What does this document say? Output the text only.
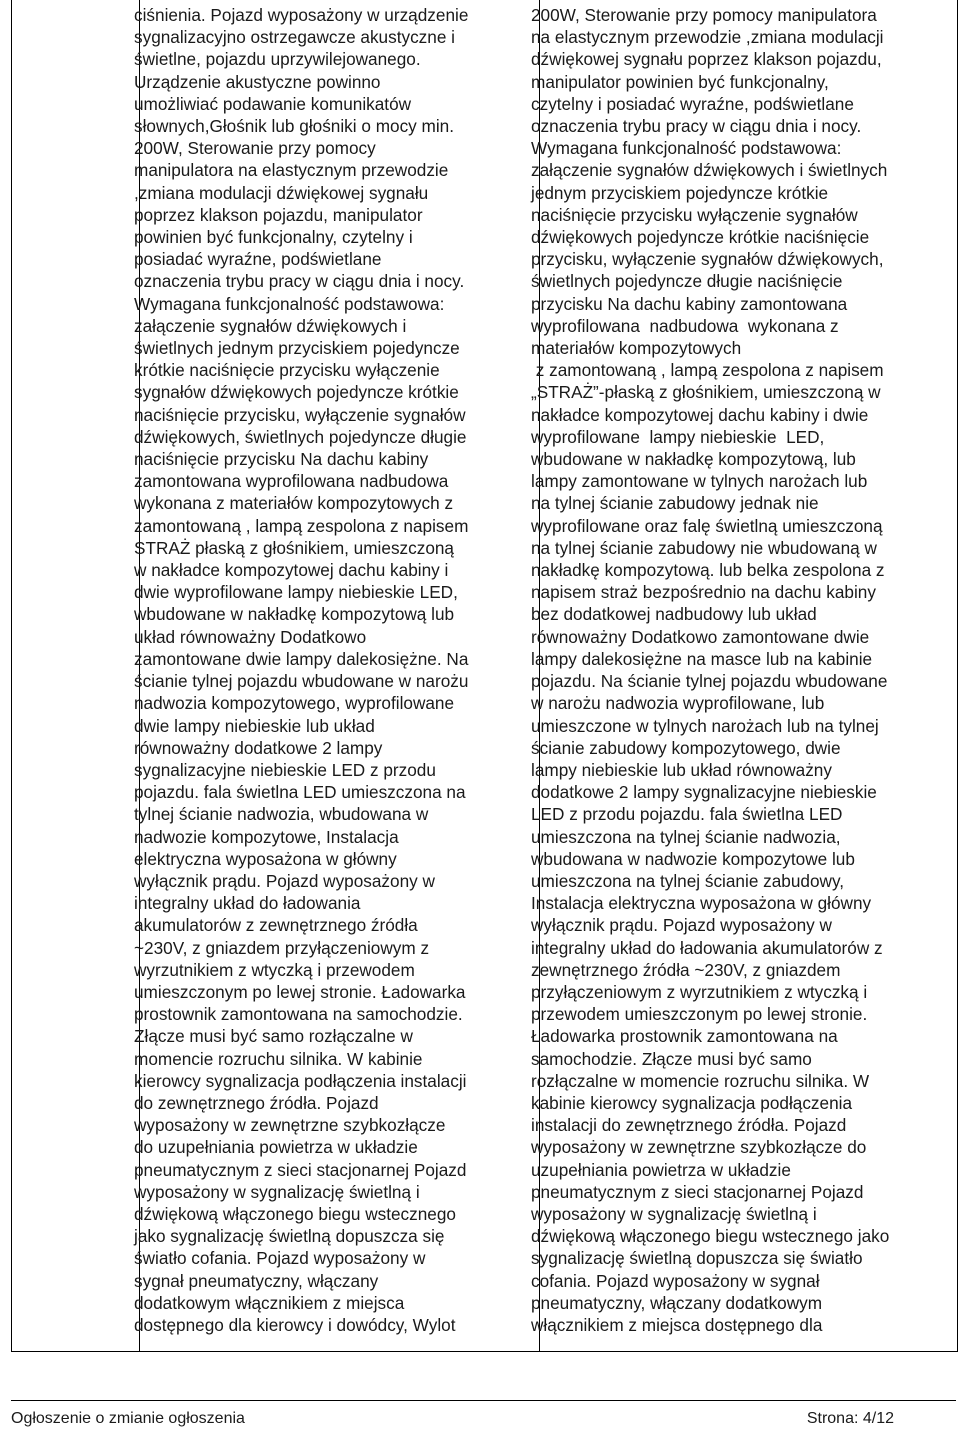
ciśnienia. Pojazd wyposażony w urządzenie
sygnalizacyjno ostrzegawcze akustyczne i
świetlne, pojazdu uprzywilejowanego.
Urządzenie akustyczne powinno
umożliwiać podawanie komunikatów
słownych,Głośnik lub głośniki o mocy min.
200W, Sterowanie przy pomocy
manipulatora na elastycznym przewodzie
,zmiana modulacji dźwiękowej sygnału
poprzez klakson pojazdu, manipulator
powinien być funkcjonalny, czytelny i
posiadać wyraźne, podświetlane
oznaczenia trybu pracy w ciągu dnia i nocy.
Wymagana funkcjonalność podstawowa:
załączenie sygnałów dźwiękowych i
świetlnych jednym przyciskiem pojedyncze
krótkie naciśnięcie przycisku wyłączenie
sygnałów dźwiękowych pojedyncze krótkie
naciśnięcie przycisku, wyłączenie sygnałów
dźwiękowych, świetlnych pojedyncze długie
naciśnięcie przycisku Na dachu kabiny
zamontowana wyprofilowana nadbudowa
wykonana z materiałów kompozytowych z
zamontowaną , lampą zespolona z napisem
STRAŻ płaską z głośnikiem, umieszczoną
w nakładce kompozytowej dachu kabiny i
dwie wyprofilowane lampy niebieskie LED,
wbudowane w nakładkę kompozytową lub
układ równoważny Dodatkowo
zamontowane dwie lampy dalekosiężne. Na
ścianie tylnej pojazdu wbudowane w narożu
nadwozia kompozytowego, wyprofilowane
dwie lampy niebieskie lub układ
równoważny dodatkowe 2 lampy
sygnalizacyjne niebieskie LED z przodu
pojazdu. fala świetlna LED umieszczona na
tylnej ścianie nadwozia, wbudowana w
nadwozie kompozytowe, Instalacja
elektryczna wyposażona w główny
wyłącznik prądu. Pojazd wyposażony w
integralny układ do ładowania
akumulatorów z zewnętrznego źródła
~230V, z gniazdem przyłączeniowym z
wyrzutnikiem z wtyczką i przewodem
umieszczonym po lewej stronie. Ładowarka
prostownik zamontowana na samochodzie.
Złącze musi być samo rozłączalne w
momencie rozruchu silnika. W kabinie
kierowcy sygnalizacja podłączenia instalacji
do zewnętrznego źródła. Pojazd
wyposażony w zewnętrzne szybkozłącze
do uzupełniania powietrza w układzie
pneumatycznym z sieci stacjonarnej Pojazd
wyposażony w sygnalizację świetlną i
dźwiękową włączonego biegu wstecznego
jako sygnalizację świetlną dopuszcza się
światło cofania. Pojazd wyposażony w
sygnał pneumatyczny, włączany
dodatkowym włącznikiem z miejsca
dostępnego dla kierowcy i dowódcy, Wylot
200W, Sterowanie przy pomocy manipulatora
na elastycznym przewodzie ,zmiana modulacji
dźwiękowej sygnału poprzez klakson pojazdu,
manipulator powinien być funkcjonalny,
czytelny i posiadać wyraźne, podświetlane
oznaczenia trybu pracy w ciągu dnia i nocy.
Wymagana funkcjonalność podstawowa:
załączenie sygnałów dźwiękowych i świetlnych
jednym przyciskiem pojedyncze krótkie
naciśnięcie przycisku wyłączenie sygnałów
dźwiękowych pojedyncze krótkie naciśnięcie
przycisku, wyłączenie sygnałów dźwiękowych,
świetlnych pojedyncze długie naciśnięcie
przycisku Na dachu kabiny zamontowana
wyprofilowana  nadbudowa  wykonana z
materiałów kompozytowych
z zamontowaną , lampą zespolona z napisem
„STRAŻ”-płaską z głośnikiem, umieszczoną w
nakładce kompozytowej dachu kabiny i dwie
wyprofilowane  lampy niebieskie  LED,
wbudowane w nakładkę kompozytową, lub
lampy zamontowane w tylnych narożach lub
na tylnej ścianie zabudowy jednak nie
wyprofilowane oraz falę świetlną umieszczoną
na tylnej ścianie zabudowy nie wbudowaną w
nakładkę kompozytową. lub belka zespolona z
napisem straż bezpośrednio na dachu kabiny
bez dodatkowej nadbudowy lub układ
równoważny Dodatkowo zamontowane dwie
lampy dalekosiężne na masce lub na kabinie
pojazdu. Na ścianie tylnej pojazdu wbudowane
w narożu nadwozia wyprofilowane, lub
umieszczone w tylnych narożach lub na tylnej
ścianie zabudowy kompozytowego, dwie
lampy niebieskie lub układ równoważny
dodatkowe 2 lampy sygnalizacyjne niebieskie
LED z przodu pojazdu. fala świetlna LED
umieszczona na tylnej ścianie nadwozia,
wbudowana w nadwozie kompozytowe lub
umieszczona na tylnej ścianie zabudowy,
Instalacja elektryczna wyposażona w główny
wyłącznik prądu. Pojazd wyposażony w
integralny układ do ładowania akumulatorów z
zewnętrznego źródła ~230V, z gniazdem
przyłączeniowym z wyrzutnikiem z wtyczką i
przewodem umieszczonym po lewej stronie.
Ładowarka prostownik zamontowana na
samochodzie. Złącze musi być samo
rozłączalne w momencie rozruchu silnika. W
kabinie kierowcy sygnalizacja podłączenia
instalacji do zewnętrznego źródła. Pojazd
wyposażony w zewnętrzne szybkozłącze do
uzupełniania powietrza w układzie
pneumatycznym z sieci stacjonarnej Pojazd
wyposażony w sygnalizację świetlną i
dźwiękową włączonego biegu wstecznego jako
sygnalizację świetlną dopuszcza się światło
cofania. Pojazd wyposażony w sygnał
pneumatyczny, włączany dodatkowym
włącznikiem z miejsca dostępnego dla
Ogłoszenie o zmianie ogłoszenia	Strona: 4/12
